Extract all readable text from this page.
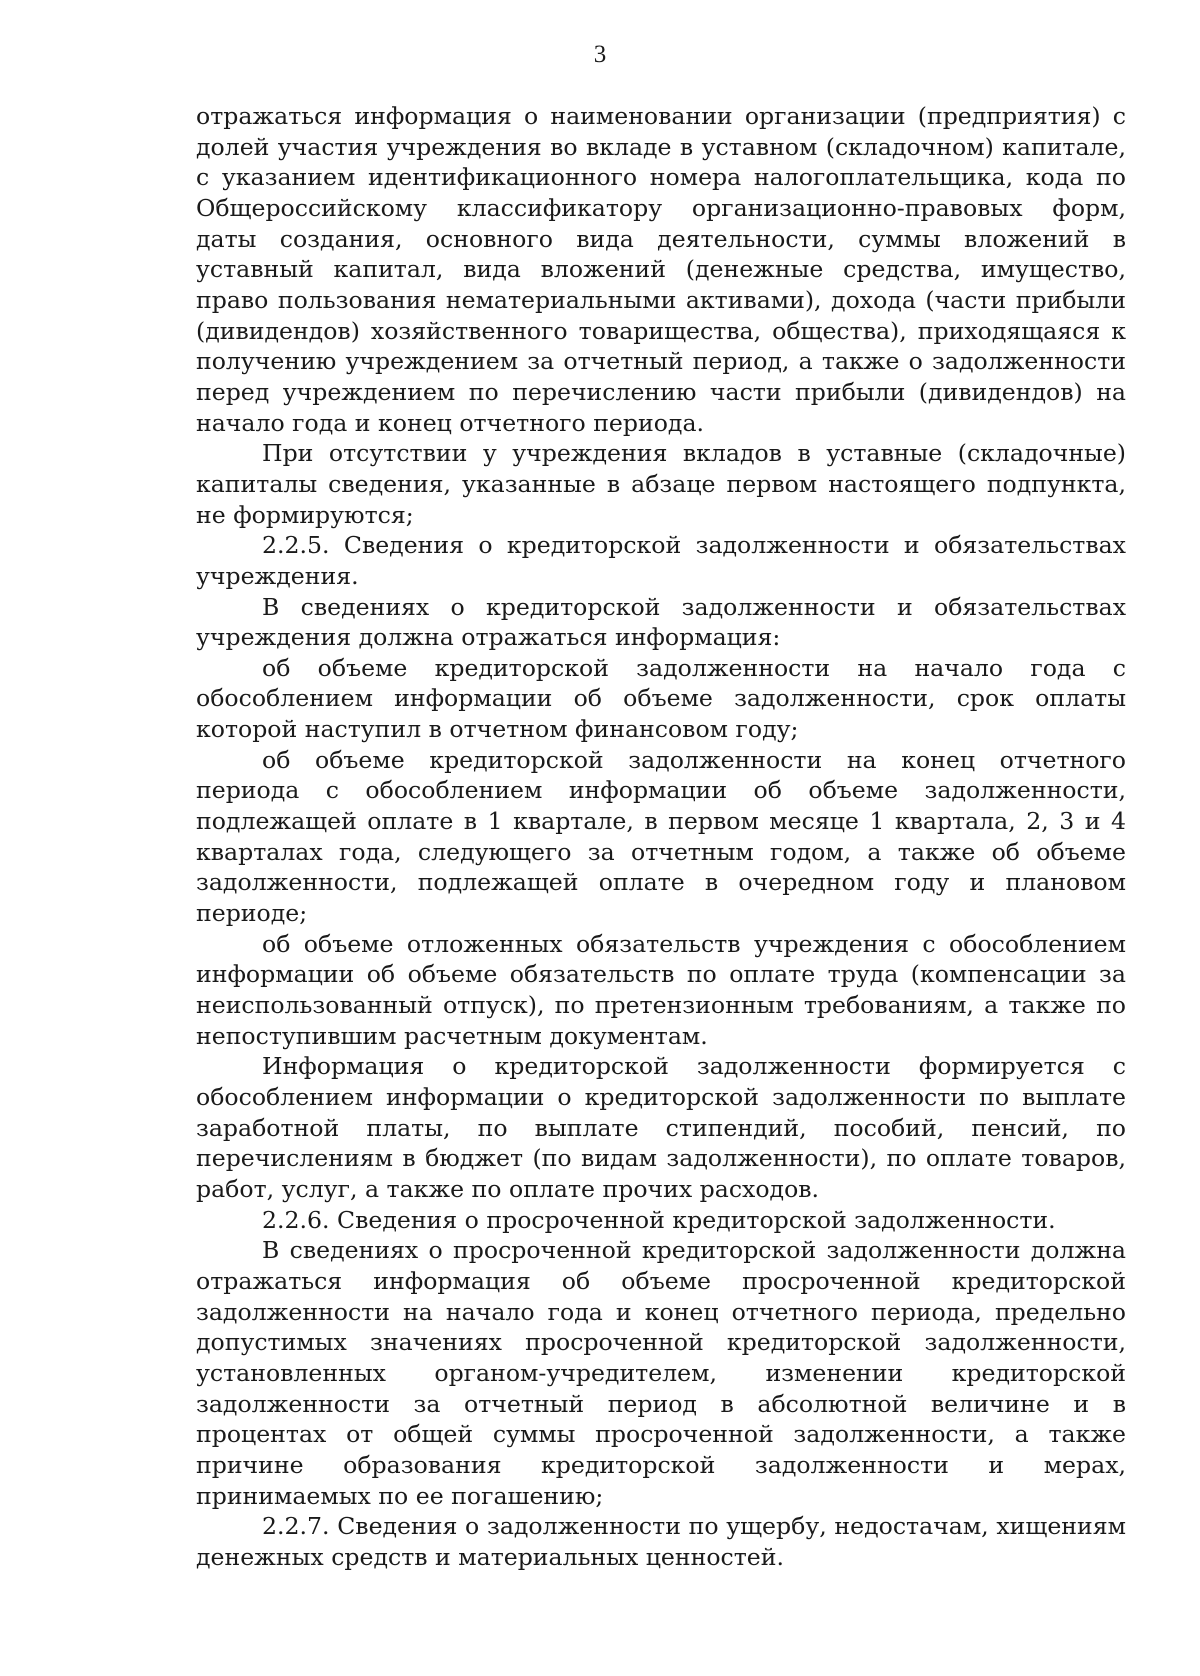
3

отражаться информация о наименовании организации (предприятия) с долей участия учреждения во вкладе в уставном (складочном) капитале, с указанием идентификационного номера налогоплательщика, кода по Общероссийскому классификатору организационно-правовых форм, даты создания, основного вида деятельности, суммы вложений в уставный капитал, вида вложений (денежные средства, имущество, право пользования нематериальными активами), дохода (части прибыли (дивидендов) хозяйственного товарищества, общества), приходящаяся к получению учреждением за отчетный период, а также о задолженности перед учреждением по перечислению части прибыли (дивидендов) на начало года и конец отчетного периода.

При отсутствии у учреждения вкладов в уставные (складочные) капиталы сведения, указанные в абзаце первом настоящего подпункта, не формируются;

2.2.5. Сведения о кредиторской задолженности и обязательствах учреждения.

В сведениях о кредиторской задолженности и обязательствах учреждения должна отражаться информация:

об объеме кредиторской задолженности на начало года с обособлением информации об объеме задолженности, срок оплаты которой наступил в отчетном финансовом году;

об объеме кредиторской задолженности на конец отчетного периода с обособлением информации об объеме задолженности, подлежащей оплате в 1 квартале, в первом месяце 1 квартала, 2, 3 и 4 кварталах года, следующего за отчетным годом, а также об объеме задолженности, подлежащей оплате в очередном году и плановом периоде;

об объеме отложенных обязательств учреждения с обособлением информации об объеме обязательств по оплате труда (компенсации за неиспользованный отпуск), по претензионным требованиям, а также по непоступившим расчетным документам.

Информация о кредиторской задолженности формируется с обособлением информации о кредиторской задолженности по выплате заработной платы, по выплате стипендий, пособий, пенсий, по перечислениям в бюджет (по видам задолженности), по оплате товаров, работ, услуг, а также по оплате прочих расходов.

2.2.6. Сведения о просроченной кредиторской задолженности.

В сведениях о просроченной кредиторской задолженности должна отражаться информация об объеме просроченной кредиторской задолженности на начало года и конец отчетного периода, предельно допустимых значениях просроченной кредиторской задолженности, установленных органом-учредителем, изменении кредиторской задолженности за отчетный период в абсолютной величине и в процентах от общей суммы просроченной задолженности, а также причине образования кредиторской задолженности и мерах, принимаемых по ее погашению;

2.2.7. Сведения о задолженности по ущербу, недостачам, хищениям денежных средств и материальных ценностей.
